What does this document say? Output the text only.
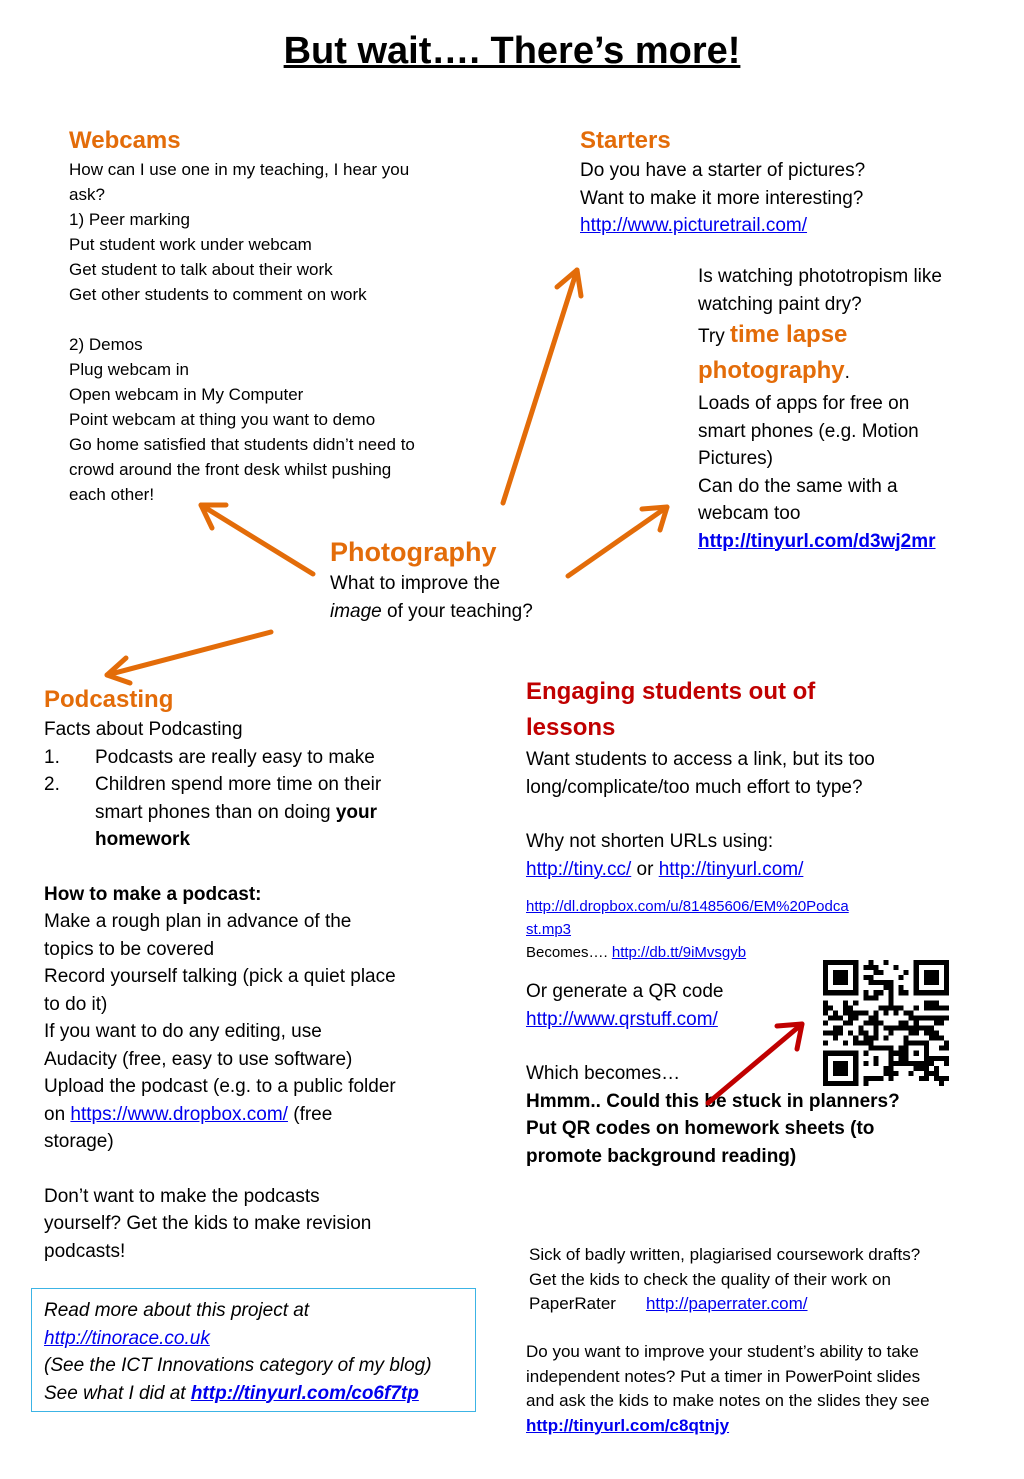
But wait…. There’s more!
Webcams
How can I use one in my teaching, I hear you
ask?
1) Peer marking
Put student work under webcam
Get student to talk about their work
Get other students to comment on work
2) Demos
Plug webcam in
Open webcam in My Computer
Point webcam at thing you want to demo
Go home satisfied that students didn’t need to
crowd around the front desk whilst pushing
each other!
Starters
Do you have a starter of pictures?
Want to make it more interesting?
http://www.picturetrail.com/
Is watching phototropism like
watching paint dry?
Try time lapse
photography.
Loads of apps for free on
smart phones (e.g. Motion
Pictures)
Can do the same with a
webcam too
http://tinyurl.com/d3wj2mr
Photography
What to improve the
image of your teaching?
Podcasting
Facts about Podcasting
1. Podcasts are really easy to make
2. Children spend more time on their
smart phones than on doing your
homework
How to make a podcast:
Make a rough plan in advance of the
topics to be covered
Record yourself talking (pick a quiet place
to do it)
If you want to do any editing, use
Audacity (free, easy to use software)
Upload the podcast (e.g. to a public folder
on https://www.dropbox.com/ (free
storage)
Don’t want to make the podcasts
yourself? Get the kids to make revision
podcasts!
Engaging students out of
lessons
Want students to access a link, but its too
long/complicate/too much effort to type?
Why not shorten URLs using:
http://tiny.cc/ or http://tinyurl.com/
http://dl.dropbox.com/u/81485606/EM%20Podca
st.mp3
Becomes…. http://db.tt/9iMvsgyb
Or generate a QR code
http://www.qrstuff.com/
Which becomes…
Hmmm.. Could this be stuck in planners?
Put QR codes on homework sheets (to
promote background reading)
Sick of badly written, plagiarised coursework drafts?
Get the kids to check the quality of their work on
PaperRater http://paperrater.com/
Do you want to improve your student’s ability to take
independent notes? Put a timer in PowerPoint slides
and ask the kids to make notes on the slides they see
http://tinyurl.com/c8qtnjy
Read more about this project at
http://tinorace.co.uk
(See the ICT Innovations category of my blog)
See what I did at http://tinyurl.com/co6f7tp
